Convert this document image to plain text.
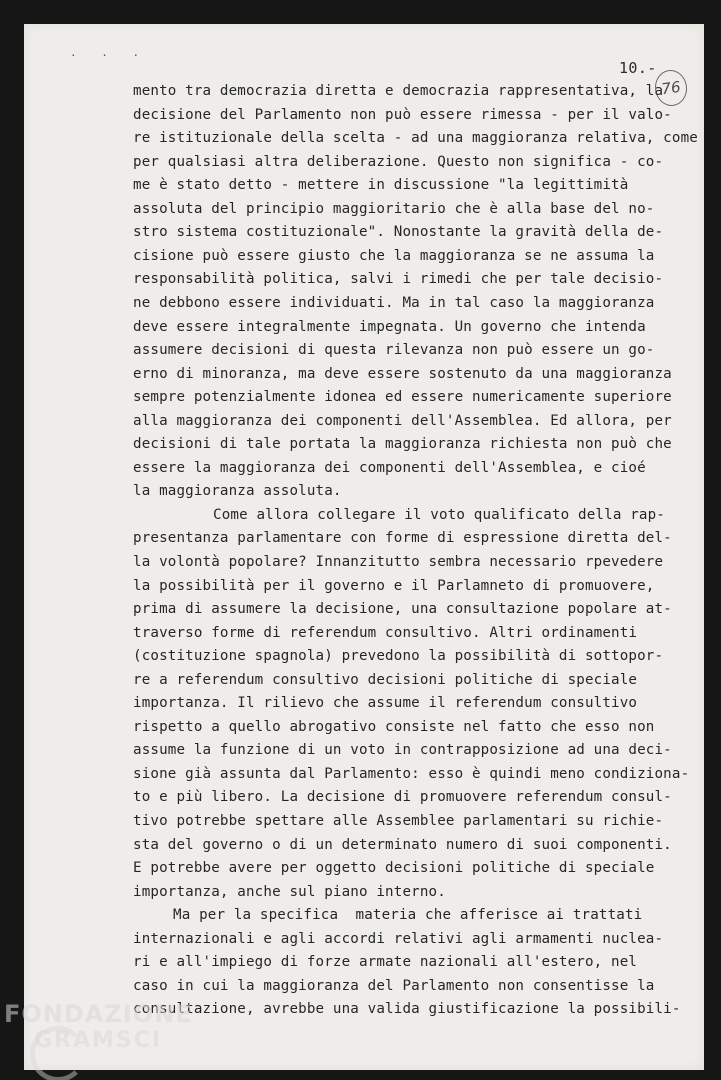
. . .
10.-
76
mento tra democrazia diretta e democrazia rappresentativa, la
decisione del Parlamento non può essere rimessa - per il valo-
re istituzionale della scelta - ad una maggioranza relativa, come
per qualsiasi altra deliberazione. Questo non significa - co-
me è stato detto - mettere in discussione "la legittimità
assoluta del principio maggioritario che è alla base del no-
stro sistema costituzionale". Nonostante la gravità della de-
cisione può essere giusto che la maggioranza se ne assuma la
responsabilità politica, salvi i rimedi che per tale decisio-
ne debbono essere individuati. Ma in tal caso la maggioranza
deve essere integralmente impegnata. Un governo che intenda
assumere decisioni di questa rilevanza non può essere un go-
erno di minoranza, ma deve essere sostenuto da una maggioranza
sempre potenzialmente idonea ed essere numericamente superiore
alla maggioranza dei componenti dell'Assemblea. Ed allora, per
decisioni di tale portata la maggioranza richiesta non può che
essere la maggioranza dei componenti dell'Assemblea, e cioé
la maggioranza assoluta.
Come allora collegare il voto qualificato della rap-
presentanza parlamentare con forme di espressione diretta del-
la volontà popolare? Innanzitutto sembra necessario rpevedere
la possibilità per il governo e il Parlamneto di promuovere,
prima di assumere la decisione, una consultazione popolare at-
traverso forme di referendum consultivo. Altri ordinamenti
(costituzione spagnola) prevedono la possibilità di sottopor-
re a referendum consultivo decisioni politiche di speciale
importanza. Il rilievo che assume il referendum consultivo
rispetto a quello abrogativo consiste nel fatto che esso non
assume la funzione di un voto in contrapposizione ad una deci-
sione già assunta dal Parlamento: esso è quindi meno condiziona-
to e più libero. La decisione di promuovere referendum consul-
tivo potrebbe spettare alle Assemblee parlamentari su richie-
sta del governo o di un determinato numero di suoi componenti.
E potrebbe avere per oggetto decisioni politiche di speciale
importanza, anche sul piano interno.
Ma per la specifica  materia che afferisce ai trattati
internazionali e agli accordi relativi agli armamenti nuclea-
ri e all'impiego di forze armate nazionali all'estero, nel
caso in cui la maggioranza del Parlamento non consentisse la
consultazione, avrebbe una valida giustificazione la possibili-
FONDAZIONE
GRAMSCI
